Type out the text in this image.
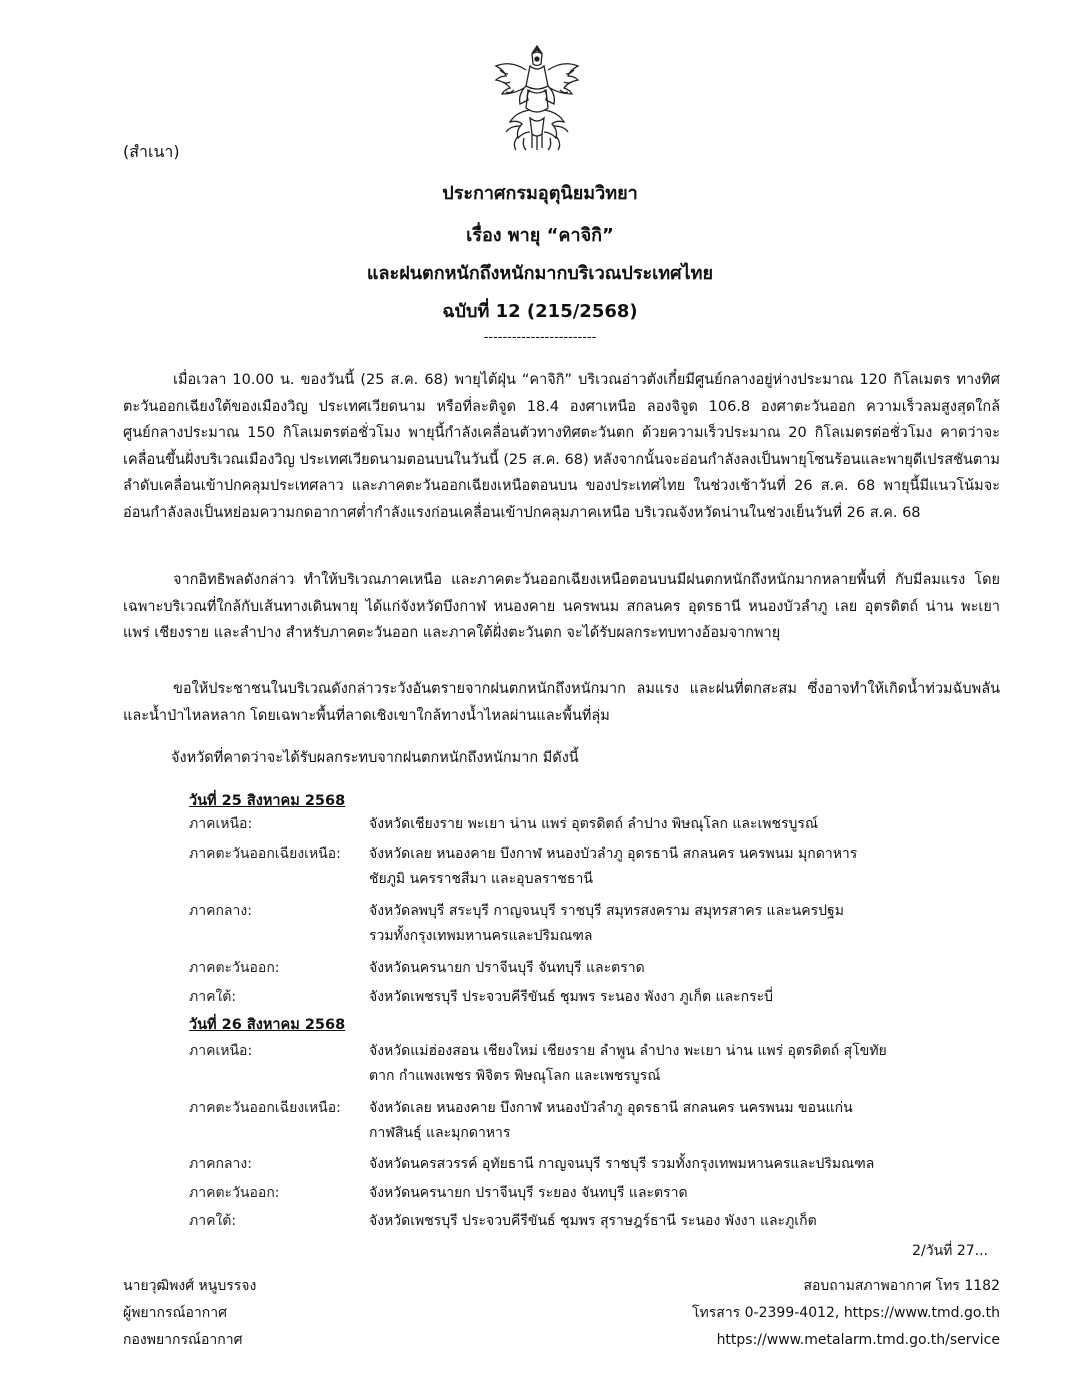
(สำเนา)
ประกาศกรมอุตุนิยมวิทยา
เรื่อง พายุ “คาจิกิ”
และฝนตกหนักถึงหนักมากบริเวณประเทศไทย
ฉบับที่ 12 (215/2568)
------------------------
เมื่อเวลา 10.00 น. ของวันนี้ (25 ส.ค. 68) พายุไต้ฝุ่น “คาจิกิ” บริเวณอ่าวตังเกี๋ยมีศูนย์กลางอยู่ห่างประมาณ 120 กิโลเมตร ทางทิศตะวันออกเฉียงใต้ของเมืองวิญ ประเทศเวียดนาม หรือที่ละติจูด 18.4 องศาเหนือ ลองจิจูด 106.8 องศาตะวันออก ความเร็วลมสูงสุดใกล้ศูนย์กลางประมาณ 150 กิโลเมตรต่อชั่วโมง พายุนี้กำลังเคลื่อนตัวทางทิศตะวันตก ด้วยความเร็วประมาณ 20 กิโลเมตรต่อชั่วโมง คาดว่าจะเคลื่อนขึ้นฝั่งบริเวณเมืองวิญ ประเทศเวียดนามตอนบนในวันนี้ (25 ส.ค. 68) หลังจากนั้นจะอ่อนกำลังลงเป็นพายุโซนร้อนและพายุดีเปรสชันตามลำดับเคลื่อนเข้าปกคลุมประเทศลาว และภาคตะวันออกเฉียงเหนือตอนบน ของประเทศไทย ในช่วงเช้าวันที่ 26 ส.ค. 68 พายุนี้มีแนวโน้มจะอ่อนกำลังลงเป็นหย่อมความกดอากาศต่ำกำลังแรงก่อนเคลื่อนเข้าปกคลุมภาคเหนือ บริเวณจังหวัดน่านในช่วงเย็นวันที่ 26 ส.ค. 68
จากอิทธิพลดังกล่าว ทำให้บริเวณภาคเหนือ และภาคตะวันออกเฉียงเหนือตอนบนมีฝนตกหนักถึงหนักมากหลายพื้นที่ กับมีลมแรง โดยเฉพาะบริเวณที่ใกล้กับเส้นทางเดินพายุ ได้แก่จังหวัดบึงกาฬ หนองคาย นครพนม สกลนคร อุดรธานี หนองบัวลำภู เลย อุตรดิตถ์ น่าน พะเยา แพร่ เชียงราย และลำปาง สำหรับภาคตะวันออก และภาคใต้ฝั่งตะวันตก จะได้รับผลกระทบทางอ้อมจากพายุ
ขอให้ประชาชนในบริเวณดังกล่าวระวังอันตรายจากฝนตกหนักถึงหนักมาก ลมแรง และฝนที่ตกสะสม ซึ่งอาจทำให้เกิดน้ำท่วมฉับพลัน และน้ำป่าไหลหลาก โดยเฉพาะพื้นที่ลาดเชิงเขาใกล้ทางน้ำไหลผ่านและพื้นที่ลุ่ม
จังหวัดที่คาดว่าจะได้รับผลกระทบจากฝนตกหนักถึงหนักมาก มีดังนี้
วันที่ 25 สิงหาคม 2568
ภาคเหนือ:	จังหวัดเชียงราย พะเยา น่าน แพร่ อุตรดิตถ์ ลำปาง พิษณุโลก และเพชรบูรณ์
ภาคตะวันออกเฉียงเหนือ:	จังหวัดเลย หนองคาย บึงกาฬ หนองบัวลำภู อุดรธานี สกลนคร นครพนม มุกดาหาร
ชัยภูมิ นครราชสีมา และอุบลราชธานี
ภาคกลาง:	จังหวัดลพบุรี สระบุรี กาญจนบุรี ราชบุรี สมุทรสงคราม สมุทรสาคร และนครปฐม
รวมทั้งกรุงเทพมหานครและปริมณฑล
ภาคตะวันออก:	จังหวัดนครนายก ปราจีนบุรี จันทบุรี และตราด
ภาคใต้:	จังหวัดเพชรบุรี ประจวบคีรีขันธ์ ชุมพร ระนอง พังงา ภูเก็ต และกระบี่
วันที่ 26 สิงหาคม 2568
ภาคเหนือ:	จังหวัดแม่ฮ่องสอน เชียงใหม่ เชียงราย ลำพูน ลำปาง พะเยา น่าน แพร่ อุตรดิตถ์ สุโขทัย
ตาก กำแพงเพชร พิจิตร พิษณุโลก และเพชรบูรณ์
ภาคตะวันออกเฉียงเหนือ:	จังหวัดเลย หนองคาย บึงกาฬ หนองบัวลำภู อุดรธานี สกลนคร นครพนม ขอนแก่น
กาฬสินธุ์ และมุกดาหาร
ภาคกลาง:	จังหวัดนครสวรรค์ อุทัยธานี กาญจนบุรี ราชบุรี รวมทั้งกรุงเทพมหานครและปริมณฑล
ภาคตะวันออก:	จังหวัดนครนายก ปราจีนบุรี ระยอง จันทบุรี และตราด
ภาคใต้:	จังหวัดเพชรบุรี ประจวบคีรีขันธ์ ชุมพร สุราษฎร์ธานี ระนอง พังงา และภูเก็ต
2/วันที่ 27...
นายวุฒิพงศ์ หนูบรรจง
ผู้พยากรณ์อากาศ
กองพยากรณ์อากาศ
สอบถามสภาพอากาศ โทร 1182
โทรสาร 0-2399-4012, https://www.tmd.go.th
https://www.metalarm.tmd.go.th/service
